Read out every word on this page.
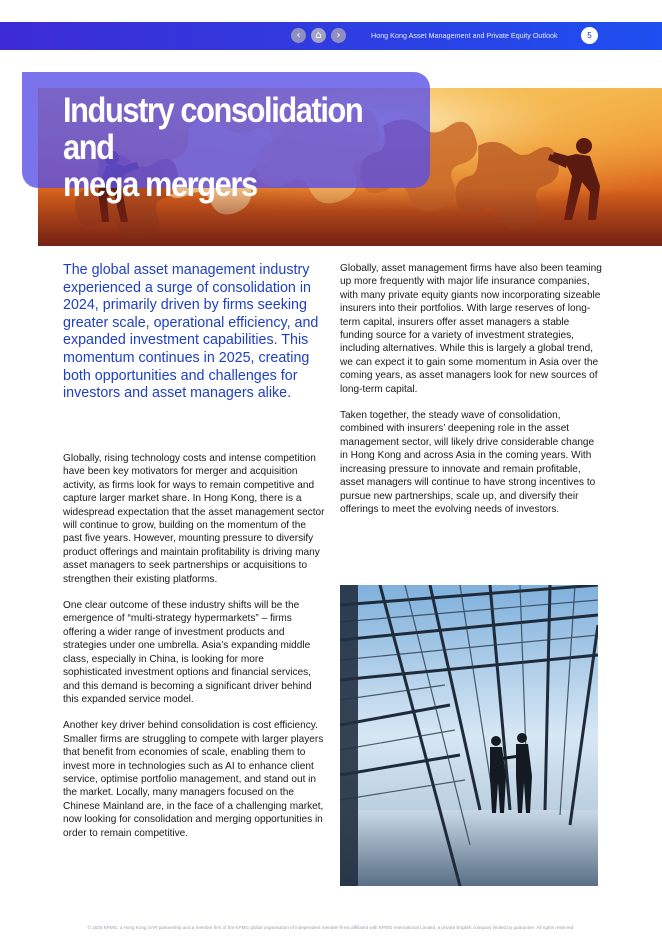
‹	⌂	›	Hong Kong Asset Management and Private Equity Outlook	5
Industry consolidation and
mega mergers
The global asset management industry experienced a surge of consolidation in 2024, primarily driven by firms seeking greater scale, operational efficiency, and expanded investment capabilities. This momentum continues in 2025, creating both opportunities and challenges for investors and asset managers alike.

Globally, rising technology costs and intense competition have been key motivators for merger and acquisition activity, as firms look for ways to remain competitive and capture larger market share. In Hong Kong, there is a widespread expectation that the asset management sector will continue to grow, building on the momentum of the past five years. However, mounting pressure to diversify product offerings and maintain profitability is driving many asset managers to seek partnerships or acquisitions to strengthen their existing platforms.

One clear outcome of these industry shifts will be the emergence of “multi-strategy hypermarkets” – firms offering a wider range of investment products and strategies under one umbrella. Asia’s expanding middle class, especially in China, is looking for more sophisticated investment options and financial services, and this demand is becoming a significant driver behind this expanded service model.

Another key driver behind consolidation is cost efficiency. Smaller firms are struggling to compete with larger players that benefit from economies of scale, enabling them to invest more in technologies such as AI to enhance client service, optimise portfolio management, and stand out in the market. Locally, many managers focused on the Chinese Mainland are, in the face of a challenging market, now looking for consolidation and merging opportunities in order to remain competitive.

Globally, asset management firms have also been teaming up more frequently with major life insurance companies, with many private equity giants now incorporating sizeable insurers into their portfolios. With large reserves of long-term capital, insurers offer asset managers a stable funding source for a variety of investment strategies, including alternatives. While this is largely a global trend, we can expect it to gain some momentum in Asia over the coming years, as asset managers look for new sources of long-term capital.

Taken together, the steady wave of consolidation, combined with insurers’ deepening role in the asset management sector, will likely drive considerable change in Hong Kong and across Asia in the coming years. With increasing pressure to innovate and remain profitable, asset managers will continue to have strong incentives to pursue new partnerships, scale up, and diversify their offerings to meet the evolving needs of investors.

© 2025 KPMG, a Hong Kong SAR partnership and a member firm of the KPMG global organisation of independent member firms affiliated with KPMG International Limited, a private English company limited by guarantee. All rights reserved.
